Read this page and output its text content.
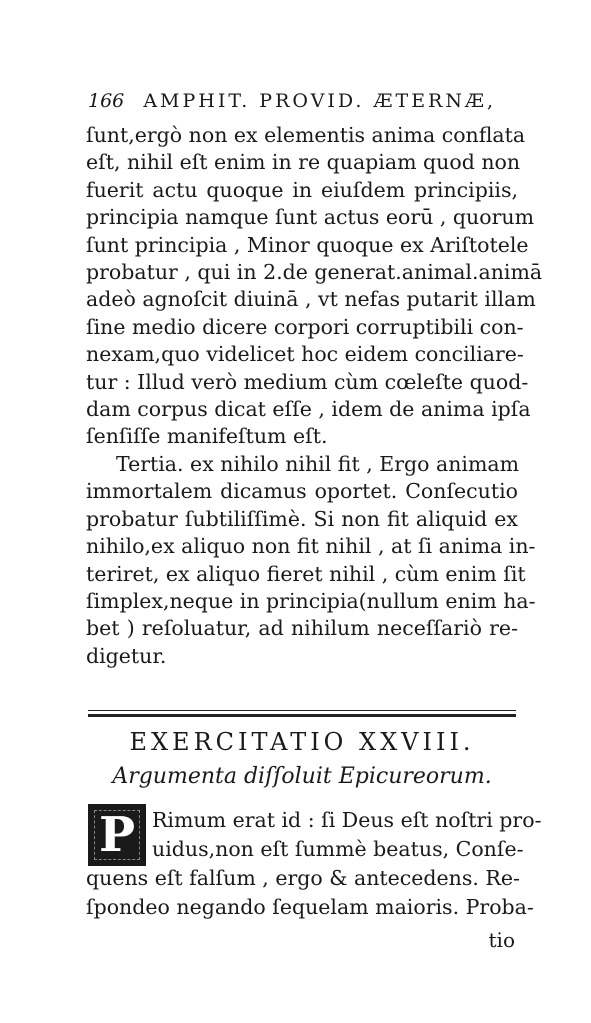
166 AMPHIT. PROVID. ÆTERNÆ,
ſunt,ergò non ex elementis anima conflata
eſt, nihil eſt enim in re quapiam quod non
fuerit actu quoque in eiuſdem principiis,
principia namque ſunt actus eorū , quorum
ſunt principia , Minor quoque ex Ariſtotele
probatur , qui in 2.de generat.animal.animā
adeò agnoſcit diuinā , vt nefas putarit illam
ſine medio dicere corpori corruptibili con-
nexam,quo videlicet hoc eidem conciliare-
tur : Illud verò medium cùm cœleſte quod-
dam corpus dicat eſſe , idem de anima ipſa
ſenſiſſe manifeſtum eſt.
Tertia. ex nihilo nihil fit , Ergo animam
immortalem dicamus oportet. Conſecutio
probatur ſubtiliſſimè. Si non fit aliquid ex
nihilo,ex aliquo non fit nihil , at ſi anima in-
teriret, ex aliquo fieret nihil , cùm enim ſit
ſimplex,neque in principia(nullum enim ha-
bet ) reſoluatur, ad nihilum neceſſariò re-
digetur.
EXERCITATIO XXVIII.
Argumenta diſſoluit Epicureorum.
P Rimum erat id : ſi Deus eſt noſtri pro-
uidus,non eſt ſummè beatus, Conſe-
quens eſt falſum , ergo & antecedens. Re-
ſpondeo negando ſequelam maioris. Proba-
tio
